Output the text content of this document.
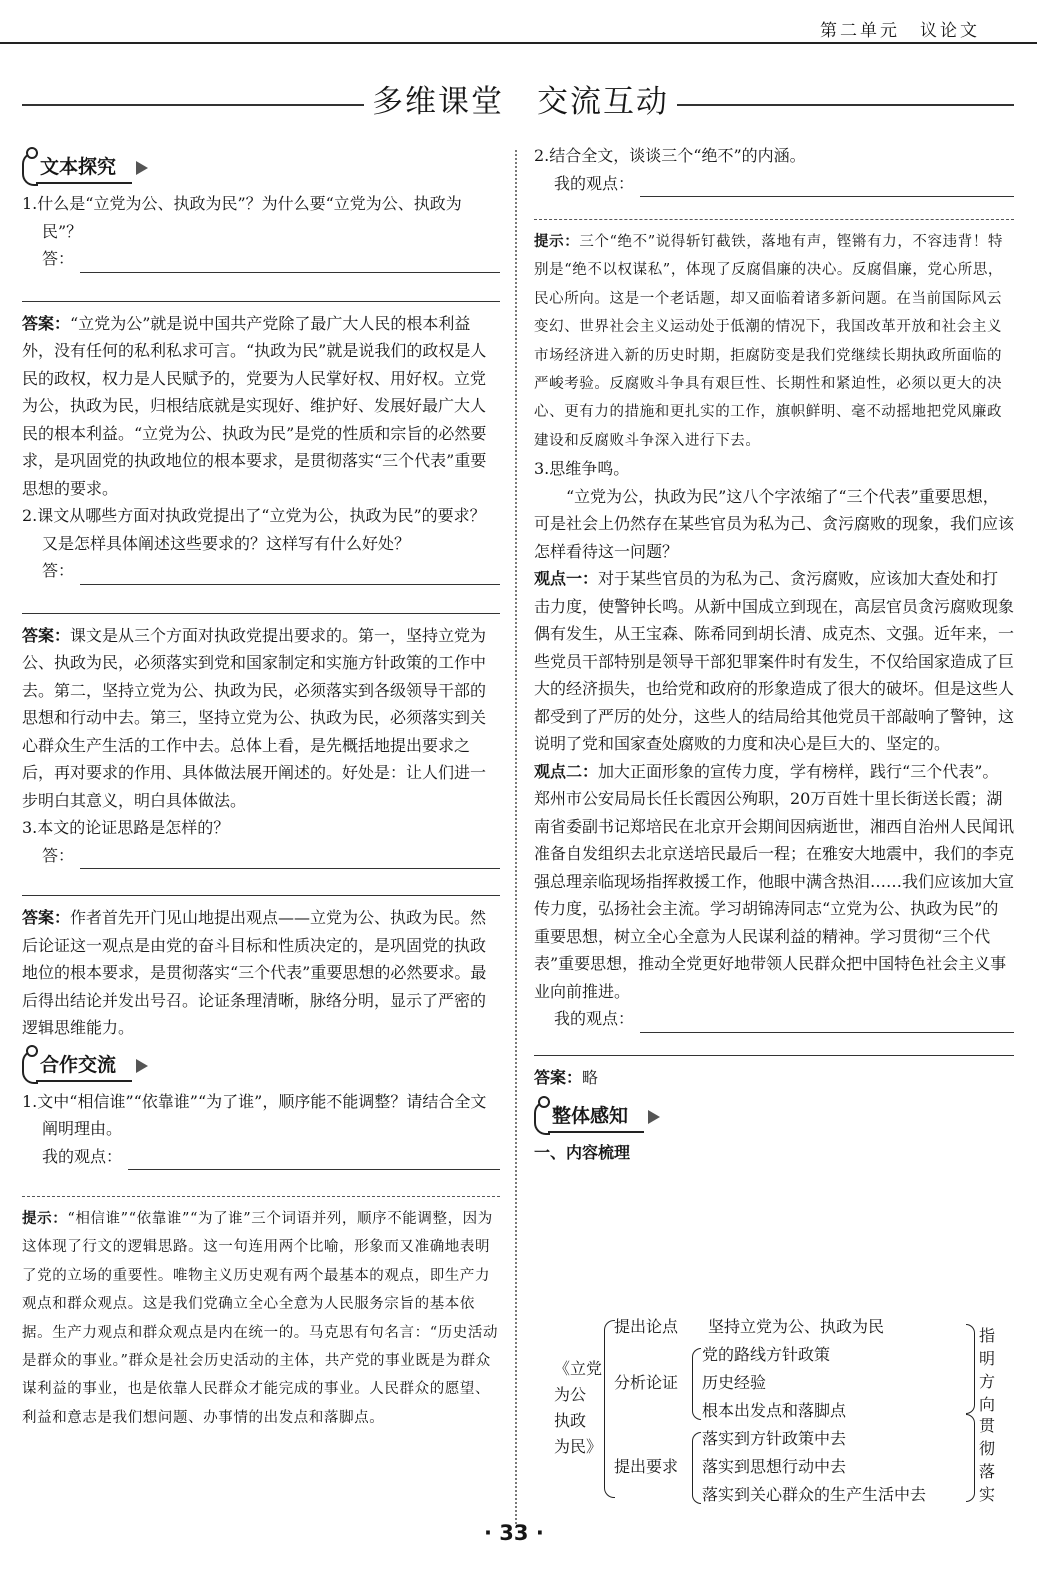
第二单元　议论文
多维课堂　交流互动
文本探究
1.什么是“立党为公、执政为民”？为什么要“立党为公、执政为民”？
答：
答案：“立党为公”就是说中国共产党除了最广大人民的根本利益外，没有任何的私利私求可言。“执政为民”就是说我们的政权是人民的政权，权力是人民赋予的，党要为人民掌好权、用好权。立党为公，执政为民，归根结底就是实现好、维护好、发展好最广大人民的根本利益。“立党为公、执政为民”是党的性质和宗旨的必然要求，是巩固党的执政地位的根本要求，是贯彻落实“三个代表”重要思想的要求。
2.课文从哪些方面对执政党提出了“立党为公，执政为民”的要求？又是怎样具体阐述这些要求的？这样写有什么好处？
答：
答案：课文是从三个方面对执政党提出要求的。第一，坚持立党为公、执政为民，必须落实到党和国家制定和实施方针政策的工作中去。第二，坚持立党为公、执政为民，必须落实到各级领导干部的思想和行动中去。第三，坚持立党为公、执政为民，必须落实到关心群众生产生活的工作中去。总体上看，是先概括地提出要求之后，再对要求的作用、具体做法展开阐述的。好处是：让人们进一步明白其意义，明白具体做法。
3.本文的论证思路是怎样的？
答：
答案：作者首先开门见山地提出观点——立党为公、执政为民。然后论证这一观点是由党的奋斗目标和性质决定的，是巩固党的执政地位的根本要求，是贯彻落实“三个代表”重要思想的必然要求。最后得出结论并发出号召。论证条理清晰，脉络分明，显示了严密的逻辑思维能力。
合作交流
1.文中“相信谁”“依靠谁”“为了谁”，顺序能不能调整？请结合全文阐明理由。
我的观点：
提示：“相信谁”“依靠谁”“为了谁”三个词语并列，顺序不能调整，因为这体现了行文的逻辑思路。这一句连用两个比喻，形象而又准确地表明了党的立场的重要性。唯物主义历史观有两个最基本的观点，即生产力观点和群众观点。这是我们党确立全心全意为人民服务宗旨的基本依据。生产力观点和群众观点是内在统一的。马克思有句名言：“历史活动是群众的事业。”群众是社会历史活动的主体，共产党的事业既是为群众谋利益的事业，也是依靠人民群众才能完成的事业。人民群众的愿望、利益和意志是我们想问题、办事情的出发点和落脚点。
2.结合全文，谈谈三个“绝不”的内涵。
我的观点：
提示：三个“绝不”说得斩钉截铁，落地有声，铿锵有力，不容违背！特别是“绝不以权谋私”，体现了反腐倡廉的决心。反腐倡廉，党心所思，民心所向。这是一个老话题，却又面临着诸多新问题。在当前国际风云变幻、世界社会主义运动处于低潮的情况下，我国改革开放和社会主义市场经济进入新的历史时期，拒腐防变是我们党继续长期执政所面临的严峻考验。反腐败斗争具有艰巨性、长期性和紧迫性，必须以更大的决心、更有力的措施和更扎实的工作，旗帜鲜明、毫不动摇地把党风廉政建设和反腐败斗争深入进行下去。
3.思维争鸣。
“立党为公，执政为民”这八个字浓缩了“三个代表”重要思想，可是社会上仍然存在某些官员为私为己、贪污腐败的现象，我们应该怎样看待这一问题？
观点一：对于某些官员的为私为己、贪污腐败，应该加大查处和打击力度，使警钟长鸣。从新中国成立到现在，高层官员贪污腐败现象偶有发生，从王宝森、陈希同到胡长清、成克杰、文强。近年来，一些党员干部特别是领导干部犯罪案件时有发生，不仅给国家造成了巨大的经济损失，也给党和政府的形象造成了很大的破坏。但是这些人都受到了严厉的处分，这些人的结局给其他党员干部敲响了警钟，这说明了党和国家查处腐败的力度和决心是巨大的、坚定的。
观点二：加大正面形象的宣传力度，学有榜样，践行“三个代表”。郑州市公安局局长任长霞因公殉职，20万百姓十里长街送长霞；湖南省委副书记郑培民在北京开会期间因病逝世，湘西自治州人民闻讯准备自发组织去北京送培民最后一程；在雅安大地震中，我们的李克强总理亲临现场指挥救援工作，他眼中满含热泪……我们应该加大宣传力度，弘扬社会主流。学习胡锦涛同志“立党为公、执政为民”的重要思想，树立全心全意为人民谋利益的精神。学习贯彻“三个代表”重要思想，推动全党更好地带领人民群众把中国特色社会主义事业向前推进。
我的观点：
答案：略
整体感知
一、内容梳理
《立党
为公
执政
为民》
提出论点 坚持立党为公、执政为民
分析论证
党的路线方针政策
历史经验
根本出发点和落脚点
提出要求
落实到方针政策中去
落实到思想行动中去
落实到关心群众的生产生活中去
指明方向
贯彻落实
· 33 ·
